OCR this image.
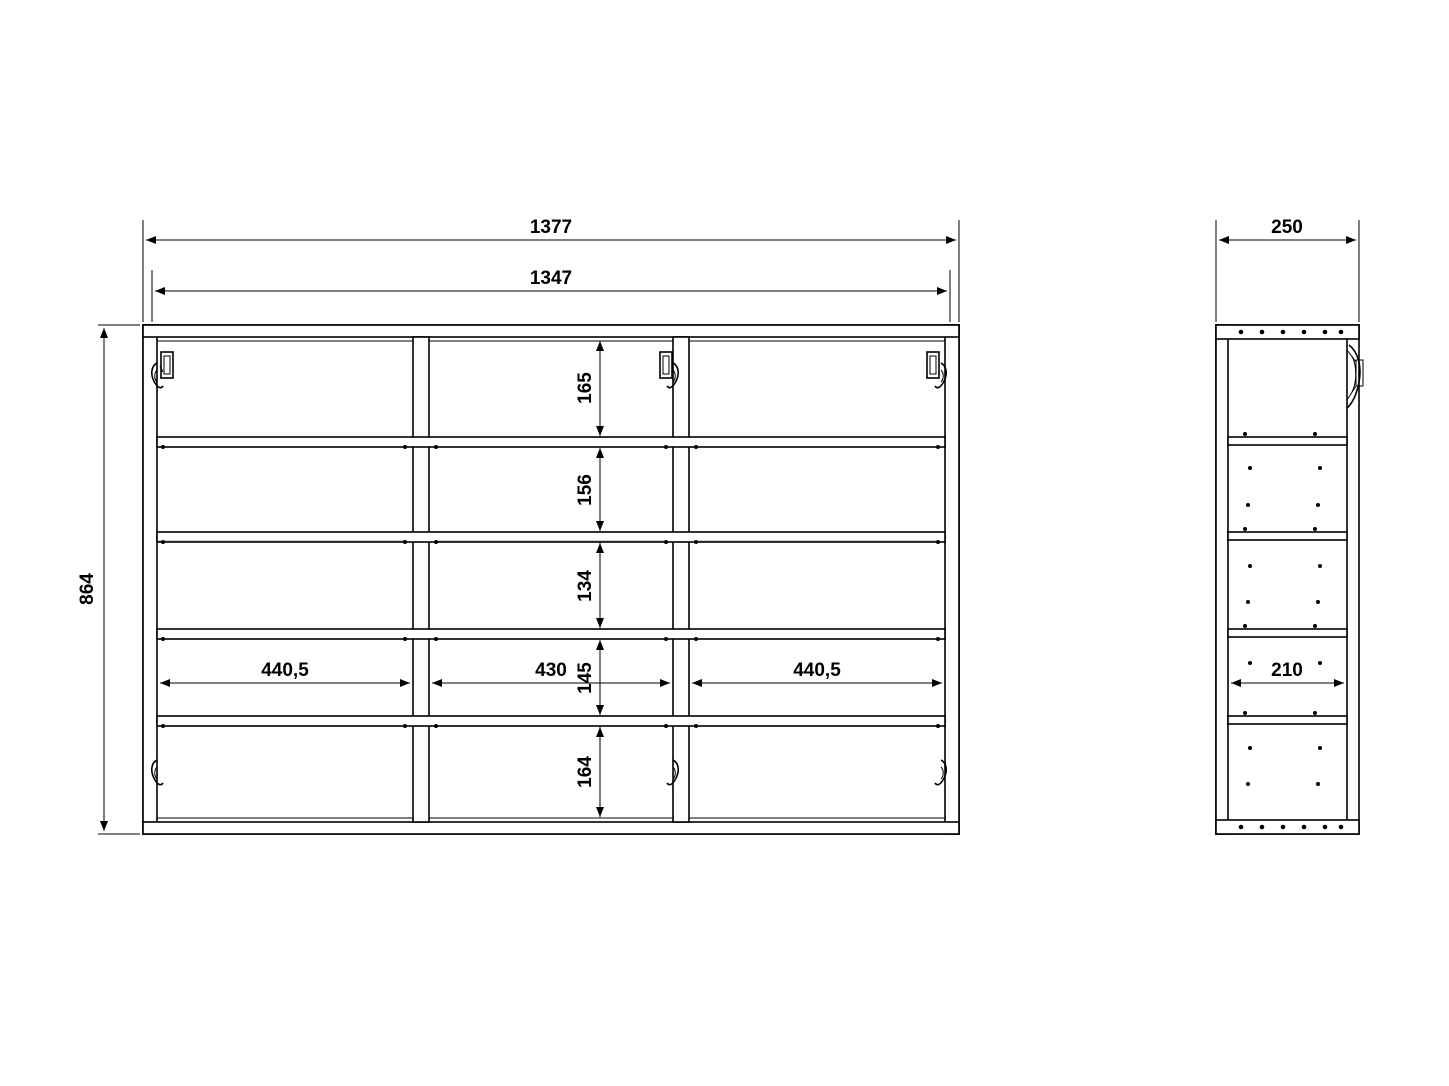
1377
1347
864
165
156
134
145
164
440,5	430	440,5
250
210
